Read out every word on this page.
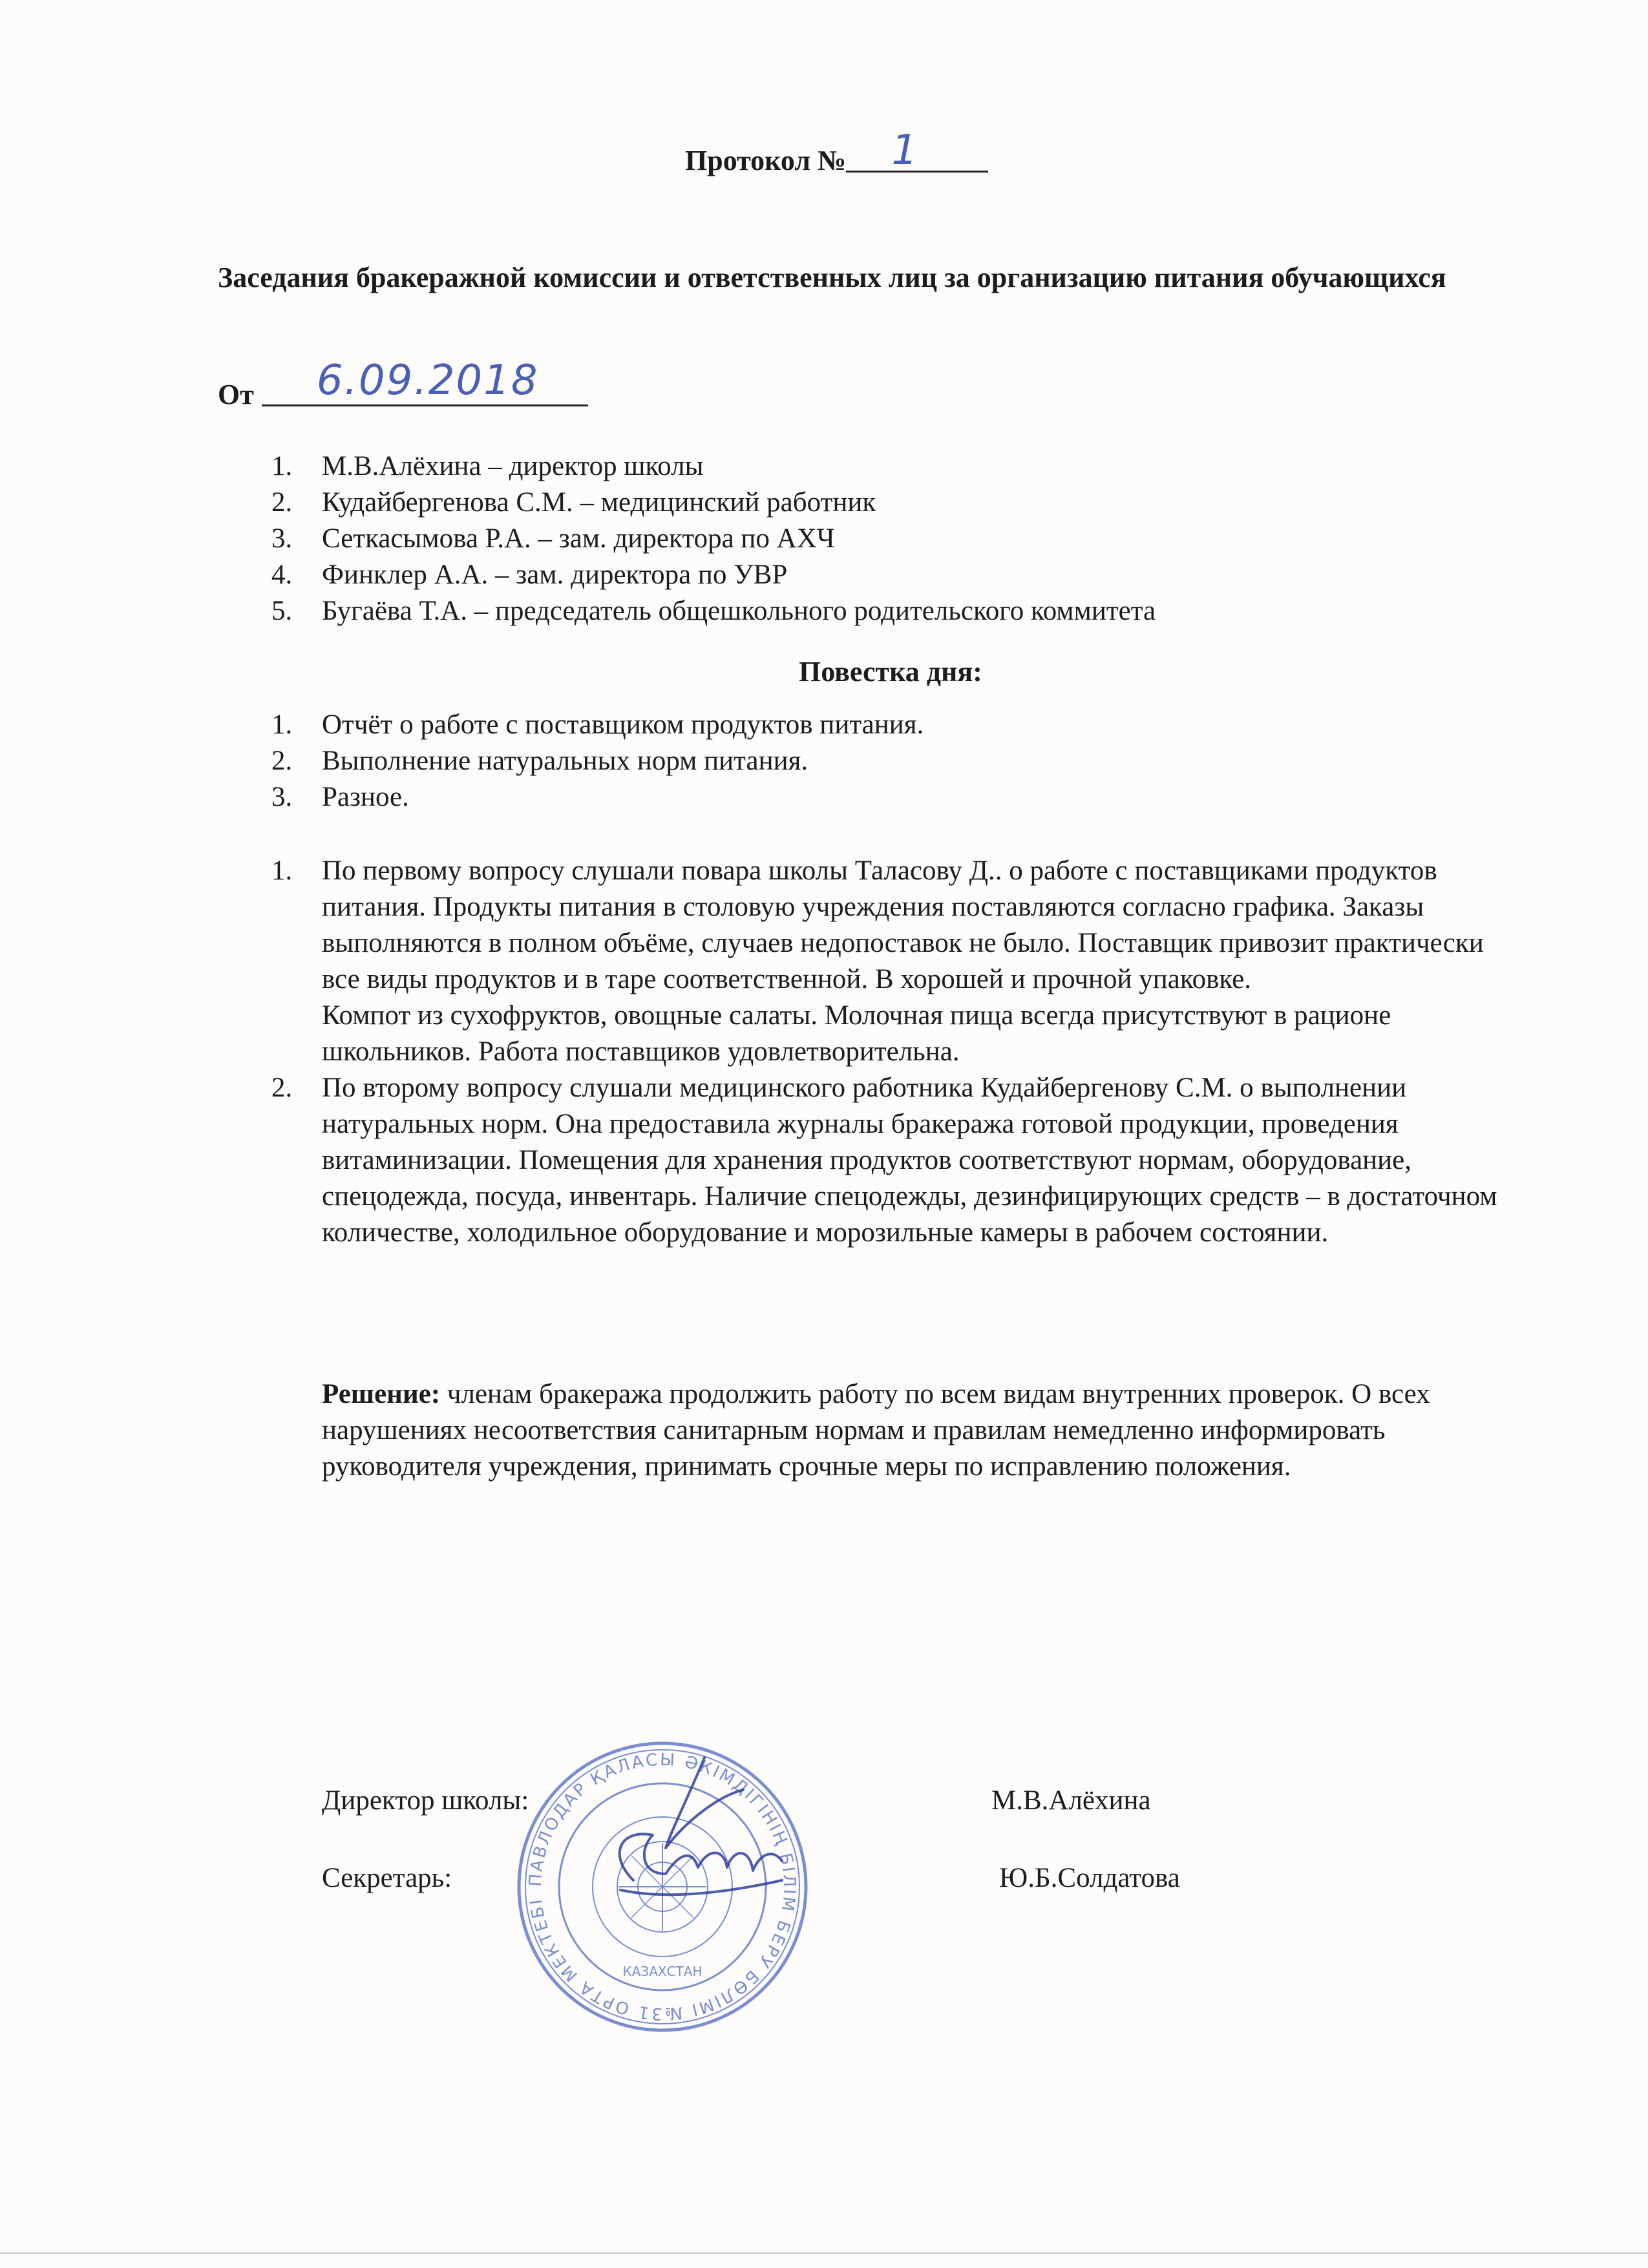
Протокол № 1
Заседания бракеражной комиссии и ответственных лиц за организацию питания обучающихся
От 6.09.2018
1. М.В.Алёхина – директор школы
2. Кудайбергенова С.М. – медицинский работник
3. Сеткасымова Р.А. – зам. директора по АХЧ
4. Финклер А.А. – зам. директора по УВР
5. Бугаёва Т.А. – председатель общешкольного родительского коммитета
Повестка дня:
1. Отчёт о работе с поставщиком продуктов питания.
2. Выполнение натуральных норм питания.
3. Разное.
1. По первому вопросу слушали повара школы Таласову Д.. о работе с поставщиками продуктов питания. Продукты питания в столовую учреждения поставляются согласно графика. Заказы выполняются в полном объёме, случаев недопоставок не было. Поставщик привозит практически все виды продуктов и в таре соответственной. В хорошей и прочной упаковке.
Компот из сухофруктов, овощные салаты. Молочная пища всегда присутствуют в рационе школьников. Работа поставщиков удовлетворительна.
2. По второму вопросу слушали медицинского работника Кудайбергенову С.М. о выполнении натуральных норм. Она предоставила журналы бракеража готовой продукции, проведения витаминизации. Помещения для хранения продуктов соответствуют нормам, оборудование, спецодежда, посуда, инвентарь. Наличие спецодежды, дезинфицирующих средств – в достаточном количестве, холодильное оборудование и морозильные камеры в рабочем состоянии.
Решение: членам бракеража продолжить работу по всем видам внутренних проверок. О всех нарушениях несоответствия санитарным нормам и правилам немедленно информировать руководителя учреждения, принимать срочные меры по исправлению положения.
ПАВЛОДАР ҚАЛАСЫ ӘКІМДІГІНІҢ БІЛІМ БЕРУ БӨЛІМІ №31 ОРТА МЕКТЕБІ
КАЗАХСТАН
Директор школы:	М.В.Алёхина
Секретарь:	Ю.Б.Солдатова
